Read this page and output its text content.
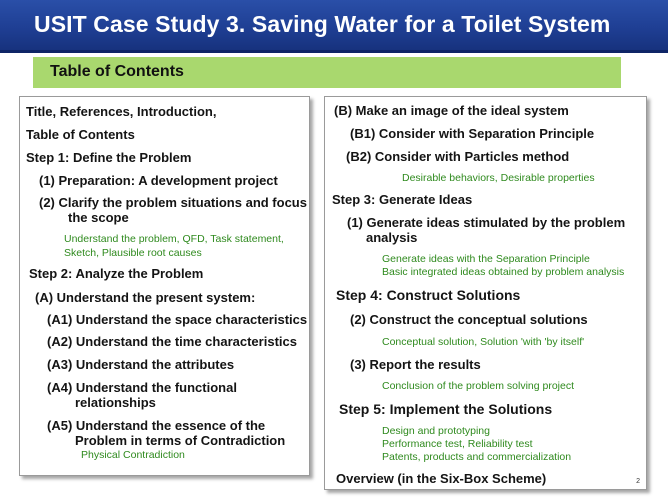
USIT Case Study 3. Saving Water for a Toilet System
Table of Contents
Title, References, Introduction,
Table of Contents
Step 1: Define the Problem
(1) Preparation: A development project
(2) Clarify the problem situations and focus
the scope
Understand the problem, QFD, Task statement,
Sketch, Plausible root causes
Step 2: Analyze the Problem
(A) Understand the present system:
(A1) Understand the space characteristics
(A2) Understand the time characteristics
(A3) Understand the attributes
(A4) Understand the functional
relationships
(A5) Understand the essence of the
Problem in terms of Contradiction
Physical Contradiction
(B) Make an image of the ideal system
(B1) Consider with Separation Principle
(B2) Consider with Particles method
Desirable behaviors, Desirable properties
Step 3: Generate Ideas
(1) Generate ideas stimulated by the problem
analysis
Generate ideas with the Separation Principle
Basic integrated ideas obtained by problem analysis
Step 4: Construct Solutions
(2) Construct the conceptual solutions
Conceptual solution, Solution 'with 'by itself'
(3) Report the results
Conclusion of the problem solving project
Step 5: Implement the Solutions
Design and prototyping
Performance test, Reliability test
Patents, products and commercialization
Overview (in the Six-Box Scheme)	2
